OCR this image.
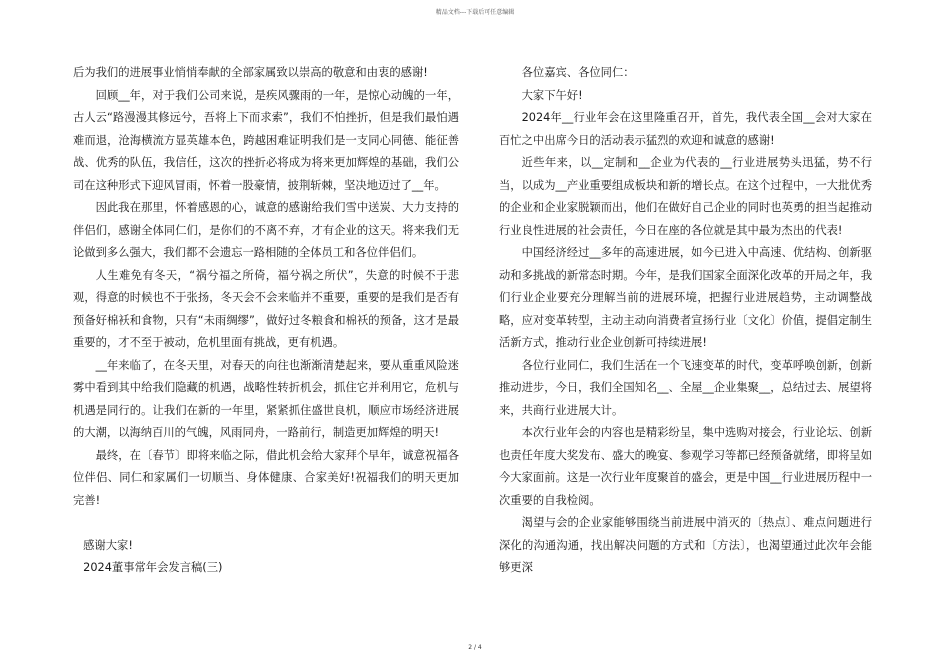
精品文档---下载后可任意编辑

后为我们的进展事业悄悄奉献的全部家属致以崇高的敬意和由衷的感谢!

回顾__年，对于我们公司来说，是疾风骤雨的一年，是惊心动魄的一年，古人云“路漫漫其修远兮，吾将上下而求索”，我们不怕挫折，但是我们最怕遇难而退，沧海横流方显英雄本色，跨越困难证明我们是一支同心同德、能征善战、优秀的队伍，我信任，这次的挫折必将成为将来更加辉煌的基础，我们公司在这种形式下迎风冒雨，怀着一股豪情，披荆斩棘，坚决地迈过了__年。

因此我在那里，怀着感恩的心，诚意的感谢给我们雪中送炭、大力支持的伴侣们，感谢全体同仁们，是你们的不离不弃，才有企业的这天。将来我们无论做到多么强大，我们都不会遗忘一路相随的全体员工和各位伴侣们。

人生难免有冬天，“祸兮福之所倚，福兮祸之所伏”，失意的时候不于悲观，得意的时候也不于张扬，冬天会不会来临并不重要，重要的是我们是否有预备好棉袄和食物，只有“未雨绸缪”，做好过冬粮食和棉袄的预备，这才是最重要的，才不至于被动，危机里面有挑战，更有机遇。

__年来临了，在冬天里，对春天的向往也渐渐清楚起来，要从重重风险迷雾中看到其中给我们隐藏的机遇，战略性转折机会，抓住它并利用它，危机与机遇是同行的。让我们在新的一年里，紧紧抓住盛世良机，顺应市场经济进展的大潮，以海纳百川的气魄，风雨同舟，一路前行，制造更加辉煌的明天!

最终，在〔春节〕即将来临之际，借此机会给大家拜个早年，诚意祝福各位伴侣、同仁和家属们一切顺当、身体健康、合家美好!祝福我们的明天更加完善!

感谢大家!

2024董事常年会发言稿(三)

各位嘉宾、各位同仁：

大家下午好!

2024年__行业年会在这里隆重召开，首先，我代表全国__会对大家在百忙之中出席今日的活动表示猛烈的欢迎和诚意的感谢!

近些年来，以__定制和__企业为代表的__行业进展势头迅猛，势不行当，以成为__产业重要组成板块和新的增长点。在这个过程中，一大批优秀的企业和企业家脱颖而出，他们在做好自己企业的同时也英勇的担当起推动行业良性进展的社会责任，今日在座的各位就是其中最为杰出的代表!

中国经济经过__多年的高速进展，如今已进入中高速、优结构、创新驱动和多挑战的新常态时期。今年，是我们国家全面深化改革的开局之年，我们行业企业要充分理解当前的进展环境，把握行业进展趋势，主动调整战略，应对变革转型，主动主动向消费者宣扬行业〔文化〕价值，提倡定制生活新方式，推动行业企业创新可持续进展!

各位行业同仁，我们生活在一个飞速变革的时代，变革呼唤创新，创新推动进步，今日，我们全国知名__、全屋__企业集聚__，总结过去、展望将来，共商行业进展大计。

本次行业年会的内容也是精彩纷呈，集中选购对接会，行业论坛、创新也责任年度大奖发布、盛大的晚宴、参观学习等都已经预备就绪，即将呈如今大家面前。这是一次行业年度聚首的盛会，更是中国__行业进展历程中一次重要的自我检阅。

渴望与会的企业家能够围绕当前进展中消灭的〔热点〕、难点问题进行深化的沟通沟通，找出解决问题的方式和〔方法〕，也渴望通过此次年会能够更深

2 / 4
